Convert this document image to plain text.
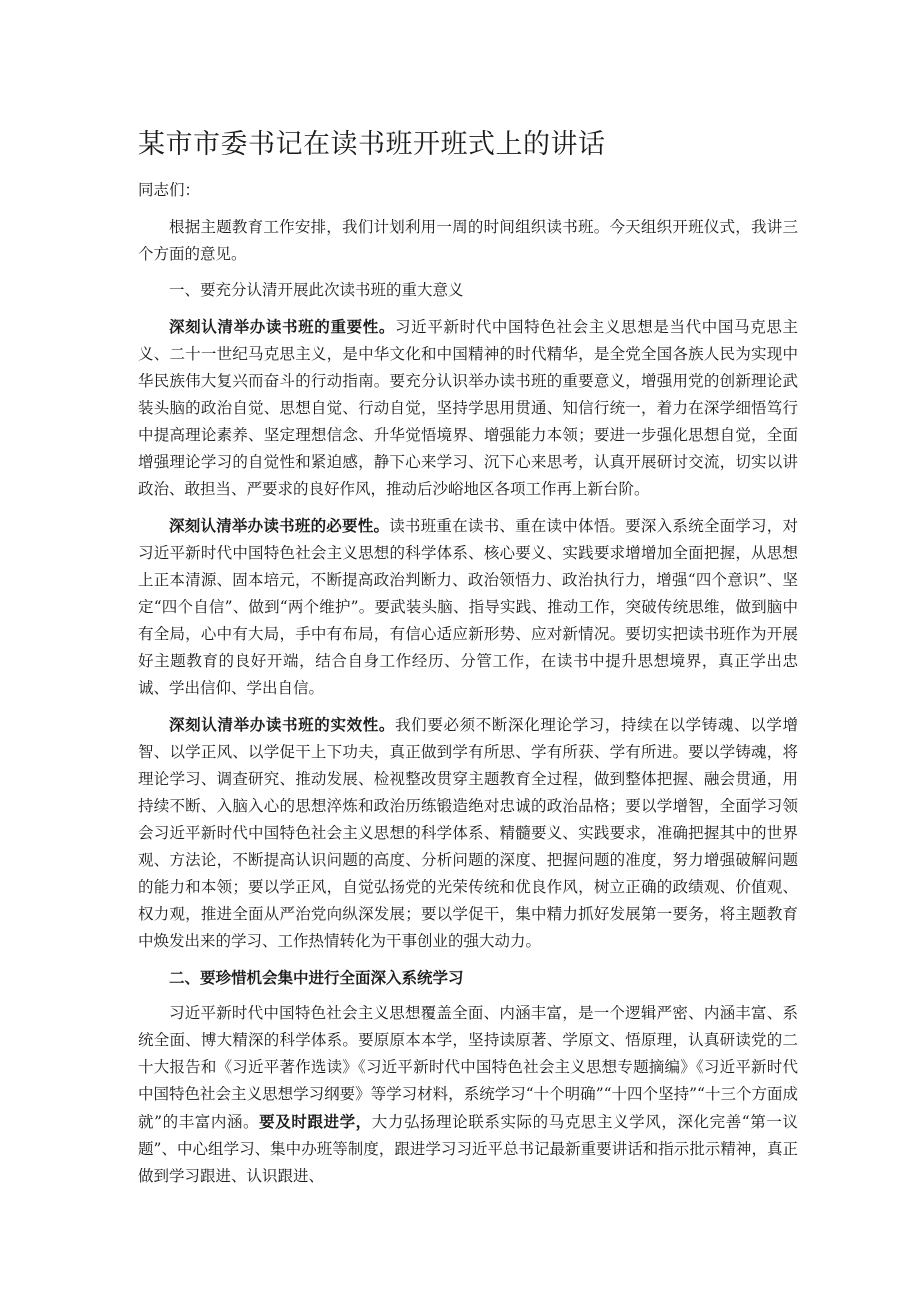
某市市委书记在读书班开班式上的讲话

同志们：

根据主题教育工作安排，我们计划利用一周的时间组织读书班。今天组织开班仪式，我讲三个方面的意见。

一、要充分认清开展此次读书班的重大意义

深刻认清举办读书班的重要性。习近平新时代中国特色社会主义思想是当代中国马克思主义、二十一世纪马克思主义，是中华文化和中国精神的时代精华，是全党全国各族人民为实现中华民族伟大复兴而奋斗的行动指南。要充分认识举办读书班的重要意义，增强用党的创新理论武装头脑的政治自觉、思想自觉、行动自觉，坚持学思用贯通、知信行统一，着力在深学细悟笃行中提高理论素养、坚定理想信念、升华觉悟境界、增强能力本领；要进一步强化思想自觉，全面增强理论学习的自觉性和紧迫感，静下心来学习、沉下心来思考，认真开展研讨交流，切实以讲政治、敢担当、严要求的良好作风，推动后沙峪地区各项工作再上新台阶。

深刻认清举办读书班的必要性。读书班重在读书、重在读中体悟。要深入系统全面学习，对习近平新时代中国特色社会主义思想的科学体系、核心要义、实践要求增增加全面把握，从思想上正本清源、固本培元，不断提高政治判断力、政治领悟力、政治执行力，增强“四个意识”、坚定“四个自信”、做到“两个维护”。要武装头脑、指导实践、推动工作，突破传统思维，做到脑中有全局，心中有大局，手中有布局，有信心适应新形势、应对新情况。要切实把读书班作为开展好主题教育的良好开端，结合自身工作经历、分管工作，在读书中提升思想境界，真正学出忠诚、学出信仰、学出自信。

深刻认清举办读书班的实效性。我们要必须不断深化理论学习，持续在以学铸魂、以学增智、以学正风、以学促干上下功夫，真正做到学有所思、学有所获、学有所进。要以学铸魂，将理论学习、调查研究、推动发展、检视整改贯穿主题教育全过程，做到整体把握、融会贯通，用持续不断、入脑入心的思想淬炼和政治历练锻造绝对忠诚的政治品格；要以学增智，全面学习领会习近平新时代中国特色社会主义思想的科学体系、精髓要义、实践要求，准确把握其中的世界观、方法论，不断提高认识问题的高度、分析问题的深度、把握问题的准度，努力增强破解问题的能力和本领；要以学正风，自觉弘扬党的光荣传统和优良作风，树立正确的政绩观、价值观、权力观，推进全面从严治党向纵深发展；要以学促干，集中精力抓好发展第一要务，将主题教育中焕发出来的学习、工作热情转化为干事创业的强大动力。

二、要珍惜机会集中进行全面深入系统学习

习近平新时代中国特色社会主义思想覆盖全面、内涵丰富，是一个逻辑严密、内涵丰富、系统全面、博大精深的科学体系。要原原本本学，坚持读原著、学原文、悟原理，认真研读党的二十大报告和《习近平著作选读》《习近平新时代中国特色社会主义思想专题摘编》《习近平新时代中国特色社会主义思想学习纲要》等学习材料，系统学习“十个明确”“十四个坚持”“十三个方面成就”的丰富内涵。要及时跟进学，大力弘扬理论联系实际的马克思主义学风，深化完善“第一议题”、中心组学习、集中办班等制度，跟进学习习近平总书记最新重要讲话和指示批示精神，真正做到学习跟进、认识跟进、
